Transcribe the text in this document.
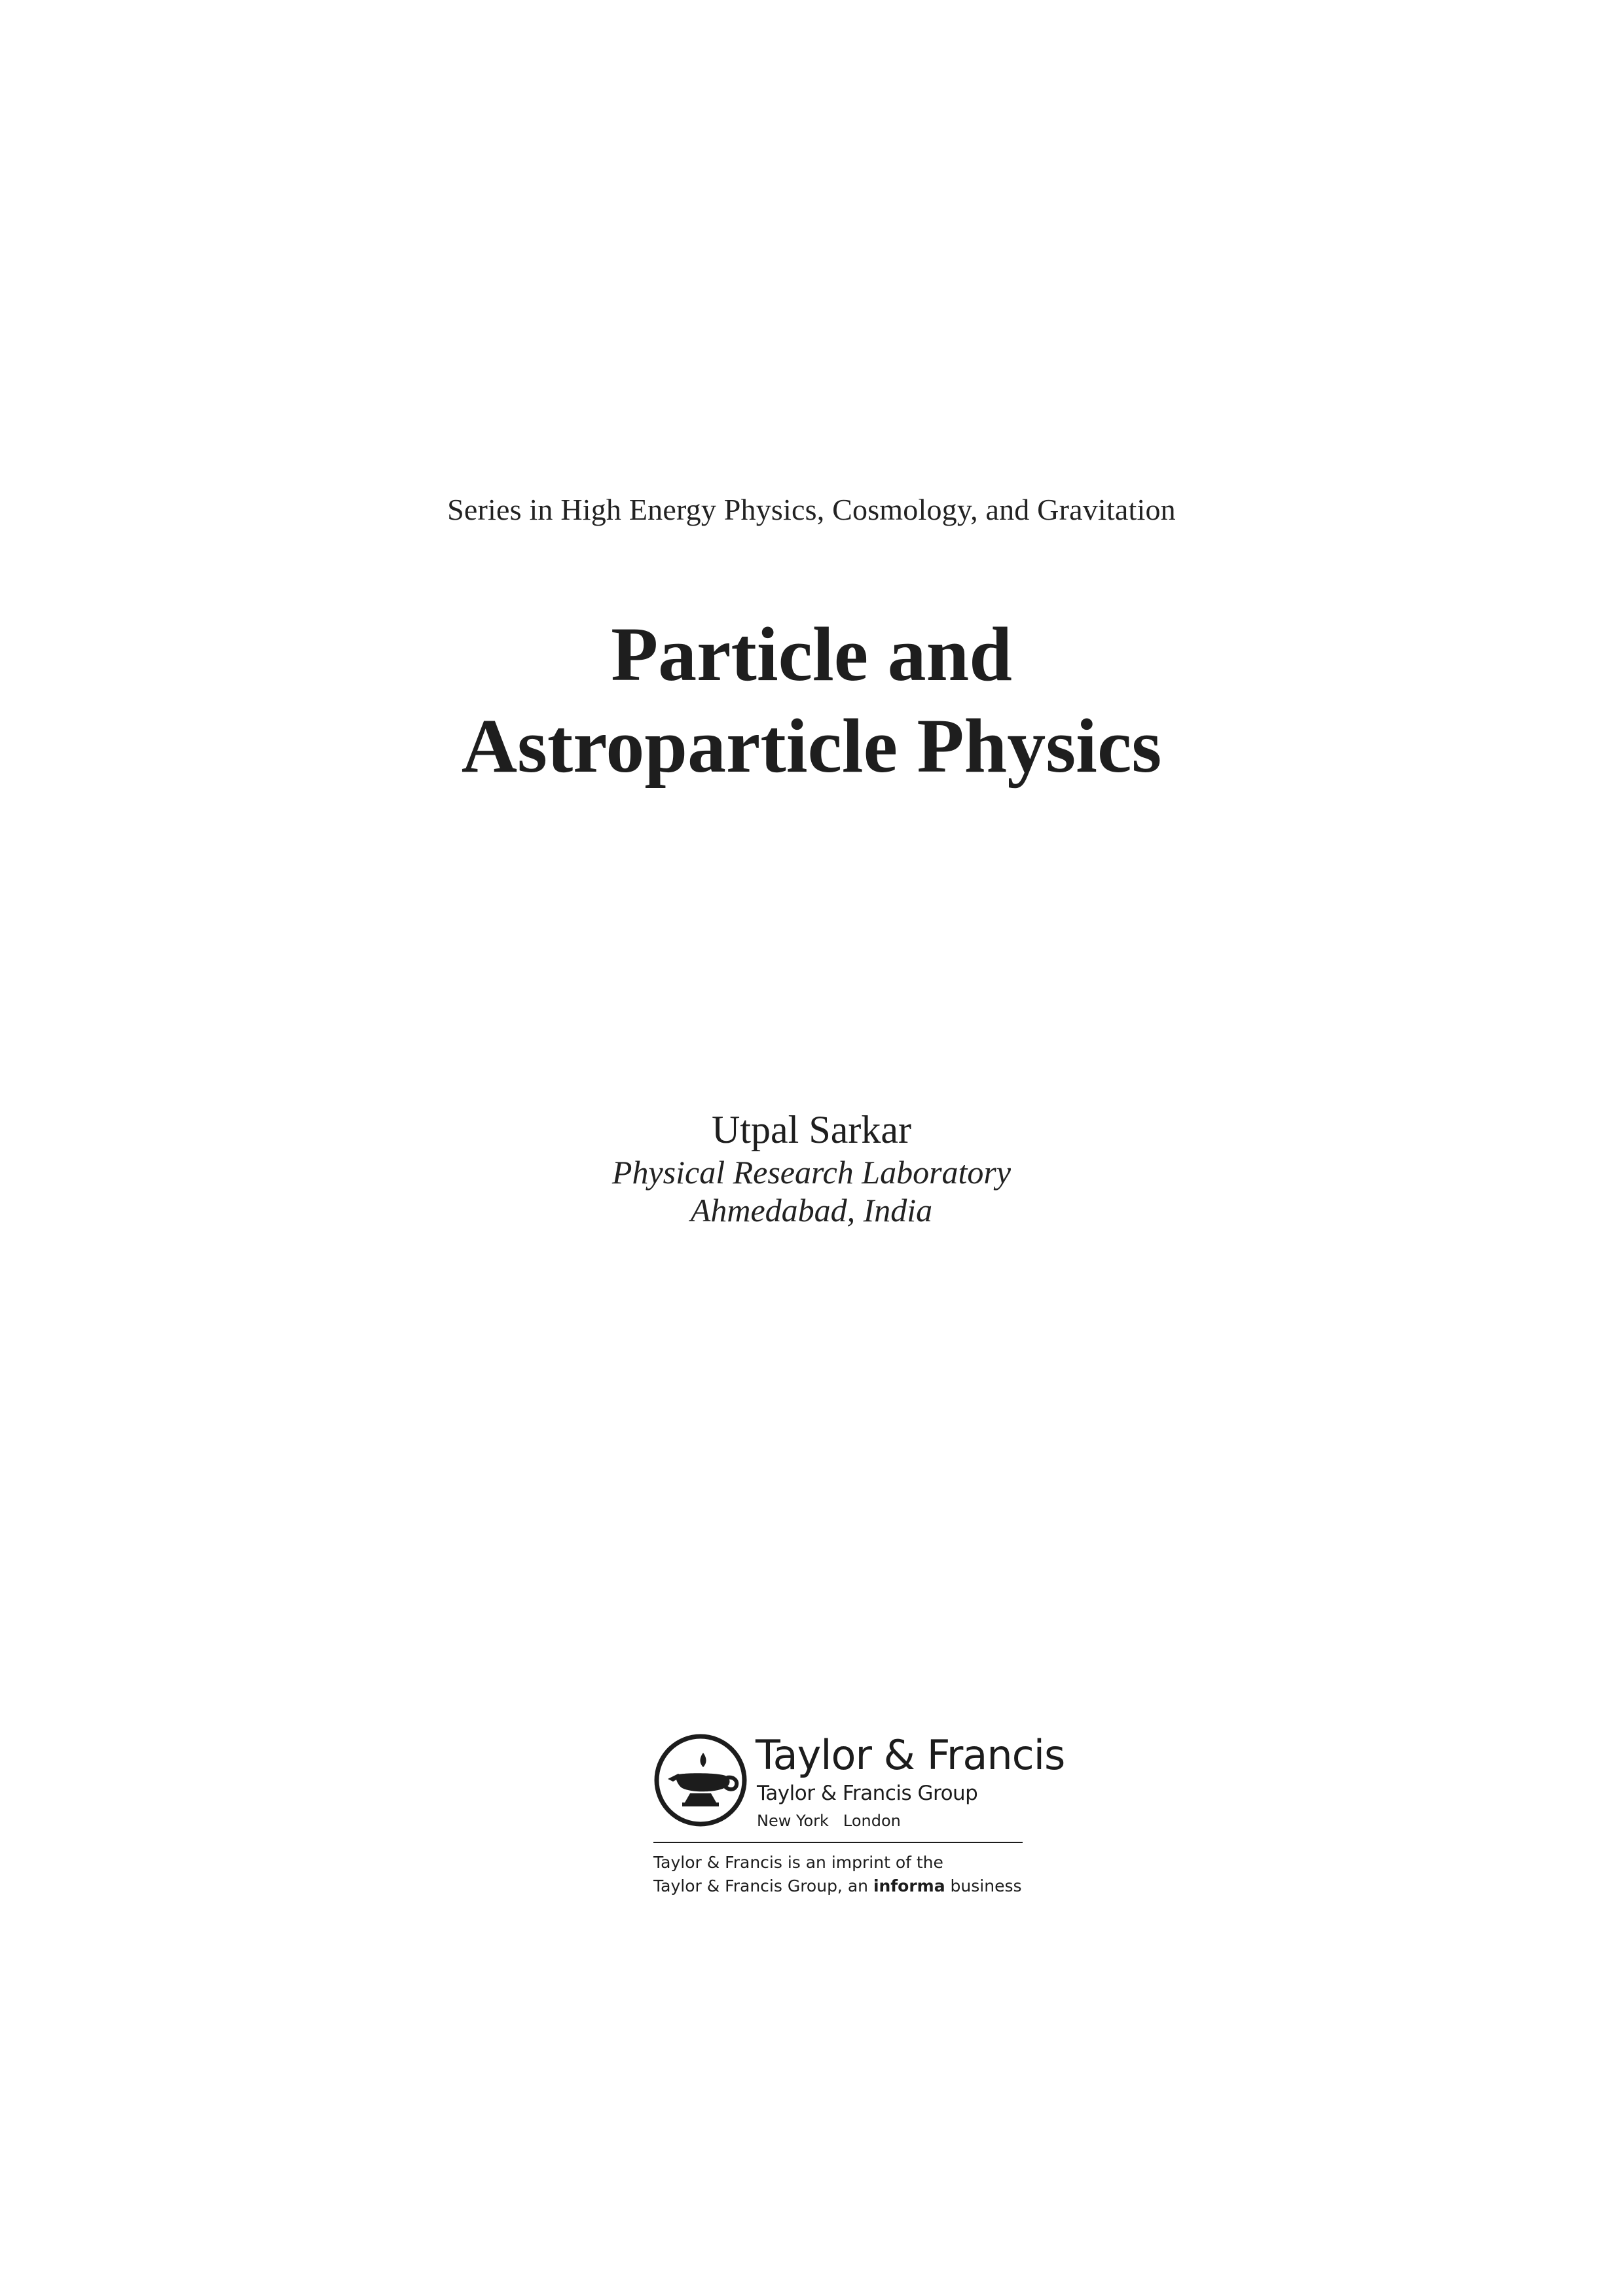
Series in High Energy Physics, Cosmology, and Gravitation
Particle and
Astroparticle Physics
Utpal Sarkar
Physical Research Laboratory
Ahmedabad, India
Taylor & Francis
Taylor & Francis Group
New York London
Taylor & Francis is an imprint of the
Taylor & Francis Group, an informa business
